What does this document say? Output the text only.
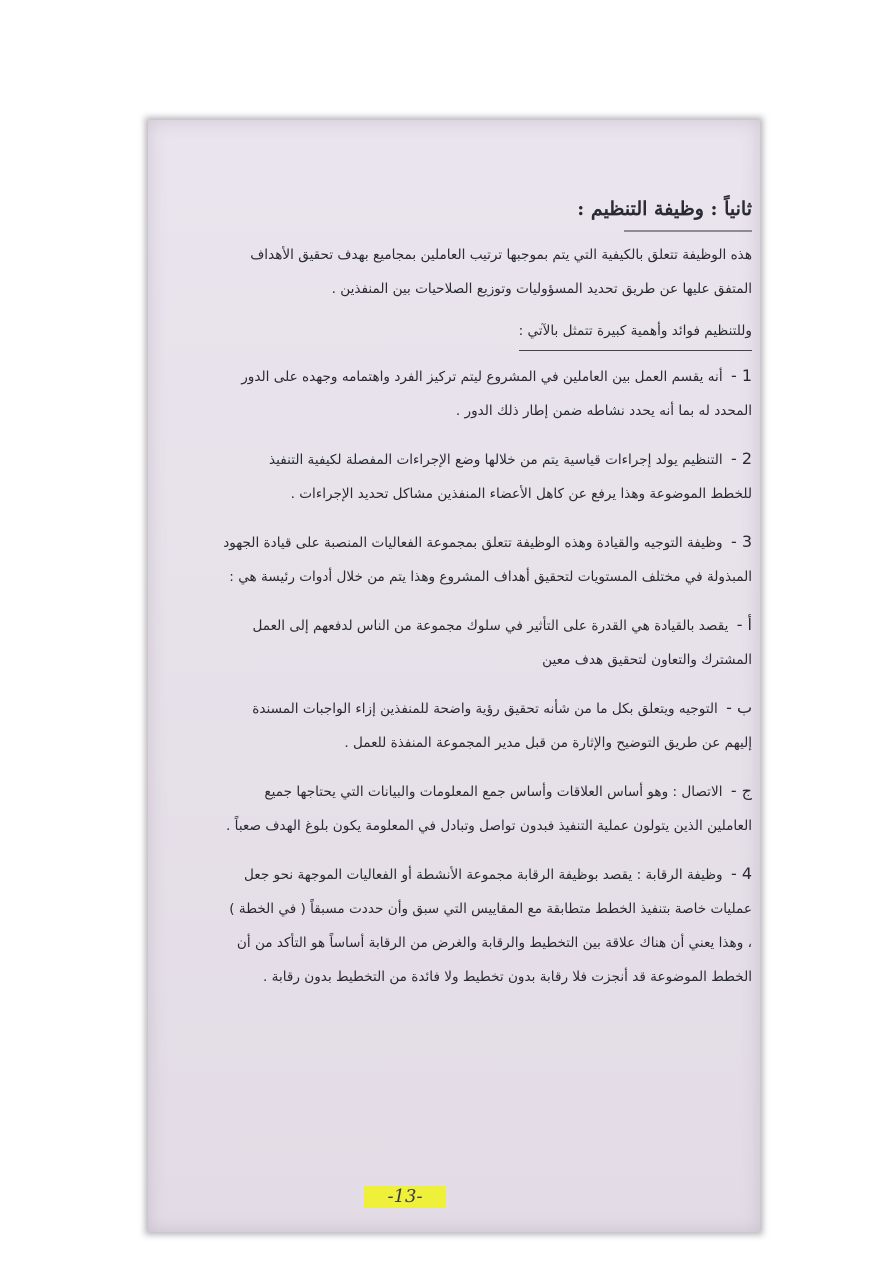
ثانياً : وظيفة التنظيم :
هذه الوظيفة تتعلق بالكيفية التي يتم بموجبها ترتيب العاملين بمجاميع بهدف تحقيق الأهداف
المتفق عليها عن طريق تحديد المسؤوليات وتوزيع الصلاحيات بين المنفذين .
وللتنظيم فوائد وأهمية كبيرة تتمثل بالآتي :
1 - أنه يقسم العمل بين العاملين في المشروع ليتم تركيز الفرد واهتمامه وجهده على الدور
المحدد له بما أنه يحدد نشاطه ضمن إطار ذلك الدور .
2 - التنظيم يولد إجراءات قياسية يتم من خلالها وضع الإجراءات المفصلة لكيفية التنفيذ
للخطط الموضوعة وهذا يرفع عن كاهل الأعضاء المنفذين مشاكل تحديد الإجراءات .
3 - وظيفة التوجيه والقيادة وهذه الوظيفة تتعلق بمجموعة الفعاليات المنصبة على قيادة الجهود
المبذولة في مختلف المستويات لتحقيق أهداف المشروع وهذا يتم من خلال أدوات رئيسة هي :
أ - يقصد بالقيادة هي القدرة على التأثير في سلوك مجموعة من الناس لدفعهم إلى العمل
المشترك والتعاون لتحقيق هدف معين
ب - التوجيه ويتعلق بكل ما من شأنه تحقيق رؤية واضحة للمنفذين إزاء الواجبات المسندة
إليهم عن طريق التوضيح والإثارة من قبل مدير المجموعة المنفذة للعمل .
ج - الاتصال : وهو أساس العلاقات وأساس جمع المعلومات والبيانات التي يحتاجها جميع
العاملين الذين يتولون عملية التنفيذ فبدون تواصل وتبادل في المعلومة يكون بلوغ الهدف صعباً .
4 - وظيفة الرقابة : يقصد بوظيفة الرقابة مجموعة الأنشطة أو الفعاليات الموجهة نحو جعل
عمليات خاصة بتنفيذ الخطط متطابقة مع المقاييس التي سبق وأن حددت مسبقاً ( في الخطة )
، وهذا يعني أن هناك علاقة بين التخطيط والرقابة والغرض من الرقابة أساساً هو التأكد من أن
الخطط الموضوعة قد أنجزت فلا رقابة بدون تخطيط ولا فائدة من التخطيط بدون رقابة .
-13-
